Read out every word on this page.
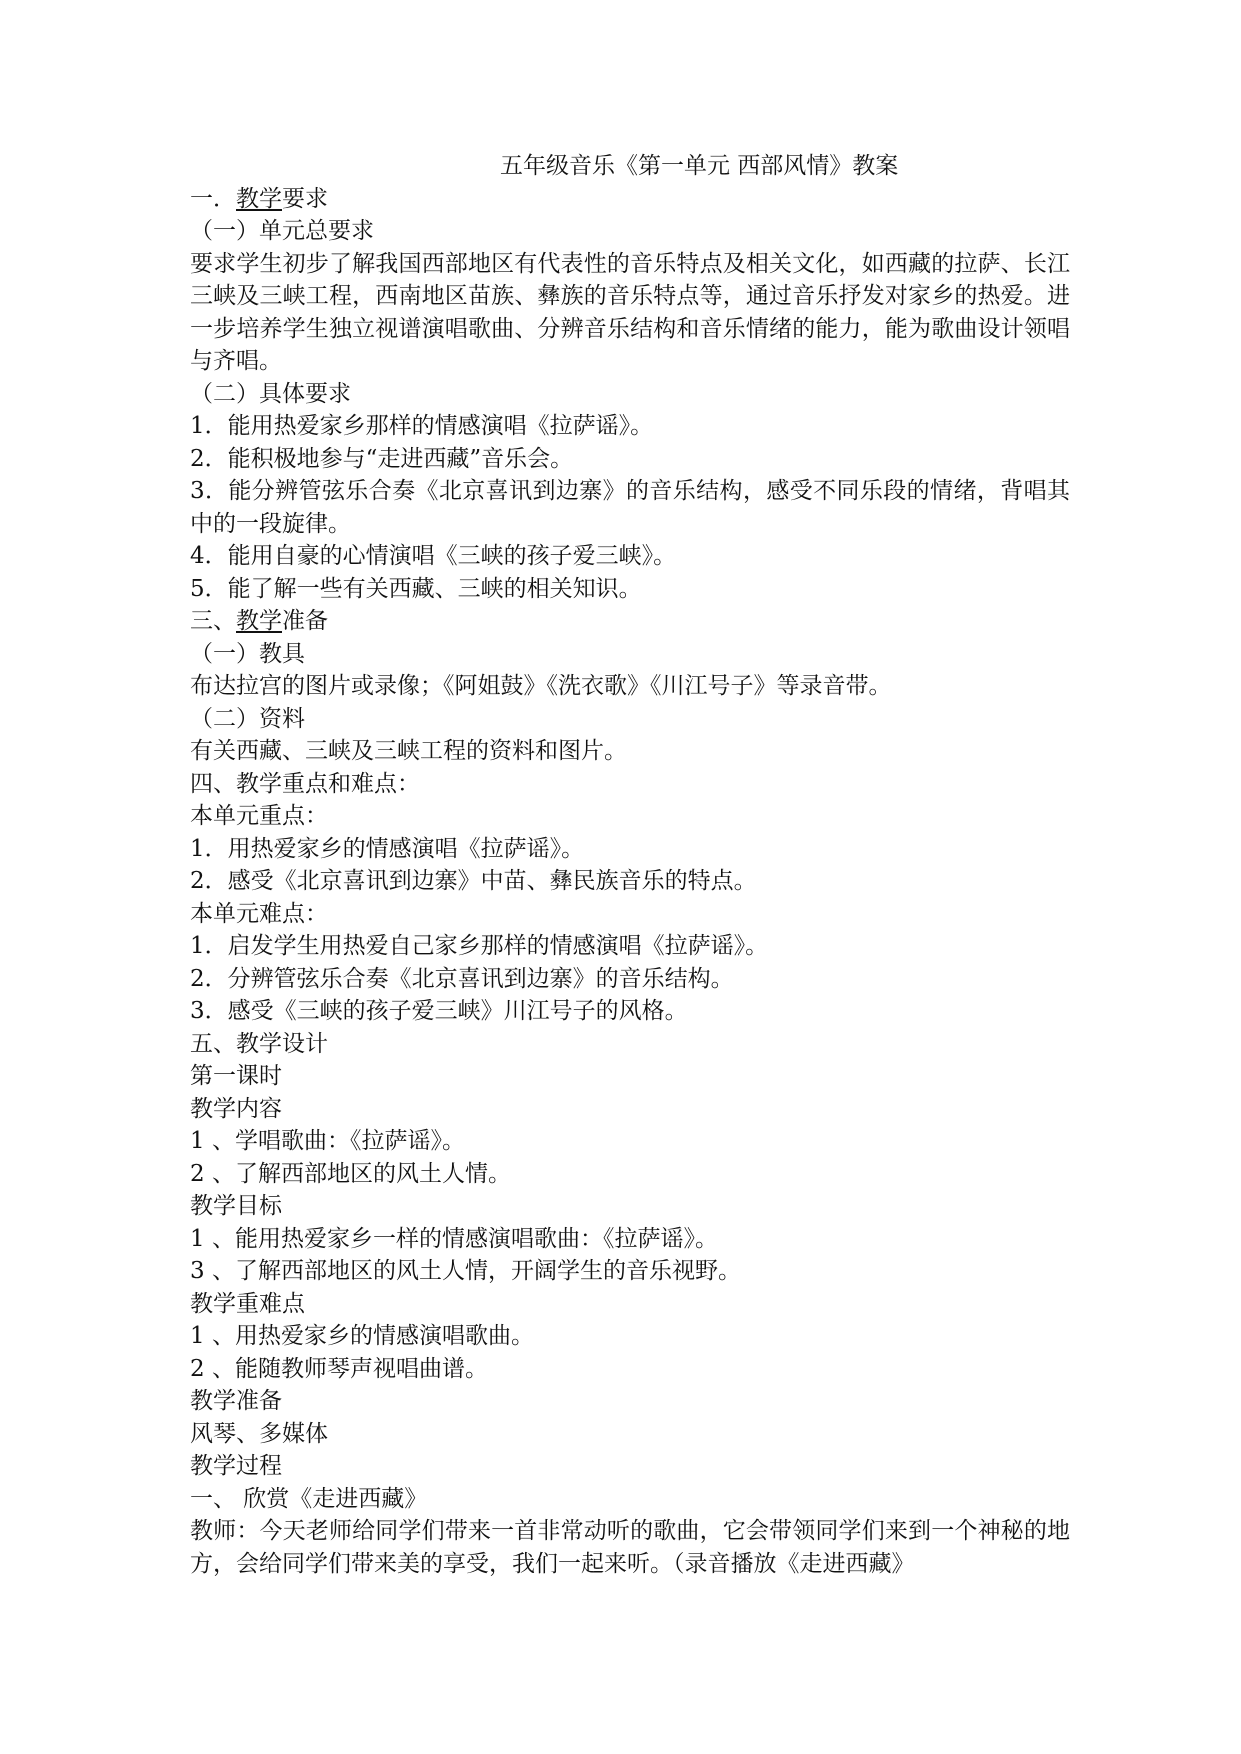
五年级音乐《第一单元 西部风情》教案

一．教学要求

（一）单元总要求

要求学生初步了解我国西部地区有代表性的音乐特点及相关文化，如西藏的拉萨、长江三峡及三峡工程，西南地区苗族、彝族的音乐特点等，通过音乐抒发对家乡的热爱。进一步培养学生独立视谱演唱歌曲、分辨音乐结构和音乐情绪的能力，能为歌曲设计领唱与齐唱。

（二）具体要求

1．能用热爱家乡那样的情感演唱《拉萨谣》。

2．能积极地参与“走进西藏”音乐会。

3．能分辨管弦乐合奏《北京喜讯到边寨》的音乐结构，感受不同乐段的情绪，背唱其中的一段旋律。

4．能用自豪的心情演唱《三峡的孩子爱三峡》。

5．能了解一些有关西藏、三峡的相关知识。

三、教学准备

（一）教具

布达拉宫的图片或录像；《阿姐鼓》《洗衣歌》《川江号子》等录音带。

（二）资料

有关西藏、三峡及三峡工程的资料和图片。

四、教学重点和难点：

本单元重点：

1．用热爱家乡的情感演唱《拉萨谣》。

2．感受《北京喜讯到边寨》中苗、彝民族音乐的特点。

本单元难点：

1．启发学生用热爱自己家乡那样的情感演唱《拉萨谣》。

2．分辨管弦乐合奏《北京喜讯到边寨》的音乐结构。

3．感受《三峡的孩子爱三峡》川江号子的风格。

五、教学设计

第一课时

教学内容

1 、学唱歌曲：《拉萨谣》。

2 、了解西部地区的风土人情。

教学目标

1 、能用热爱家乡一样的情感演唱歌曲：《拉萨谣》。

3 、了解西部地区的风土人情，开阔学生的音乐视野。

教学重难点

1 、用热爱家乡的情感演唱歌曲。

2 、能随教师琴声视唱曲谱。

教学准备

风琴、多媒体

教学过程

一、 欣赏《走进西藏》

教师：今天老师给同学们带来一首非常动听的歌曲，它会带领同学们来到一个神秘的地方，会给同学们带来美的享受，我们一起来听。（录音播放《走进西藏》
